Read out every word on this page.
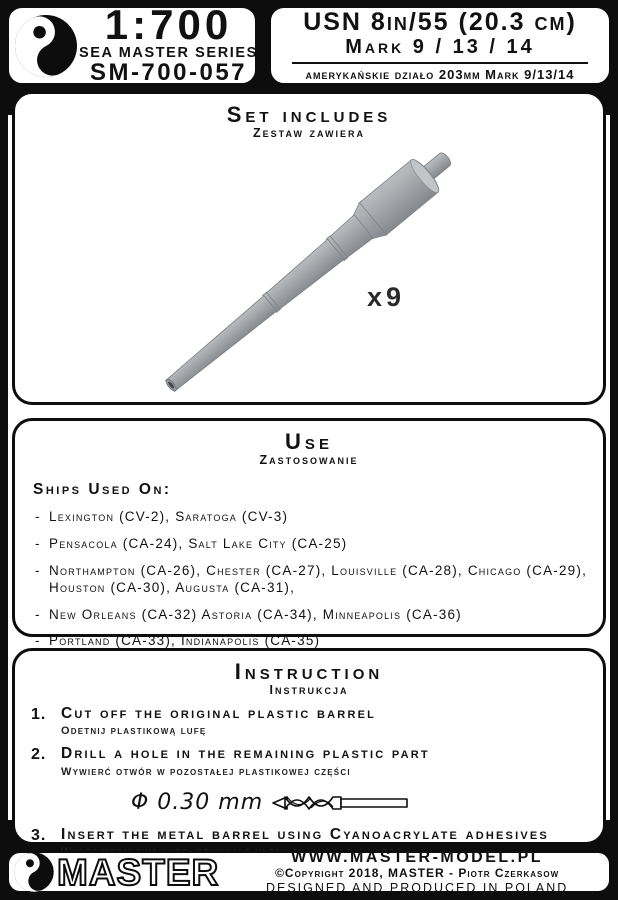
1:700
SEA MASTER SERIES
SM-700-057
USN 8in/55 (20.3 cm)
Mark 9 / 13 / 14
amerykańskie działo 203mm Mark 9/13/14
Set includes
Zestaw zawiera
x9
Use
Zastosowanie
Ships Used On:
- Lexington (CV-2), Saratoga (CV-3)
- Pensacola (CA-24), Salt Lake City (CA-25)
- Northampton (CA-26), Chester (CA-27), Louisville (CA-28), Chicago (CA-29), Houston (CA-30), Augusta (CA-31),
- New Orleans (CA-32) Astoria (CA-34), Minneapolis (CA-36)
- Portland (CA-33), Indianapolis (CA-35)
Instruction
Instrukcja
1. Cut off the original plastic barrel
Odetnij plastikową lufę
2. Drill a hole in the remaining plastic part
Wywierć otwór w pozostałej plastikowej części
Φ 0.30 mm
3. Insert the metal barrel using Cyanoacrylate adhesives
MASTER	WWW.MASTER-MODEL.PL
©Copyright 2018, MASTER - Piotr Czerkasow
DESIGNED AND PRODUCED IN POLAND
